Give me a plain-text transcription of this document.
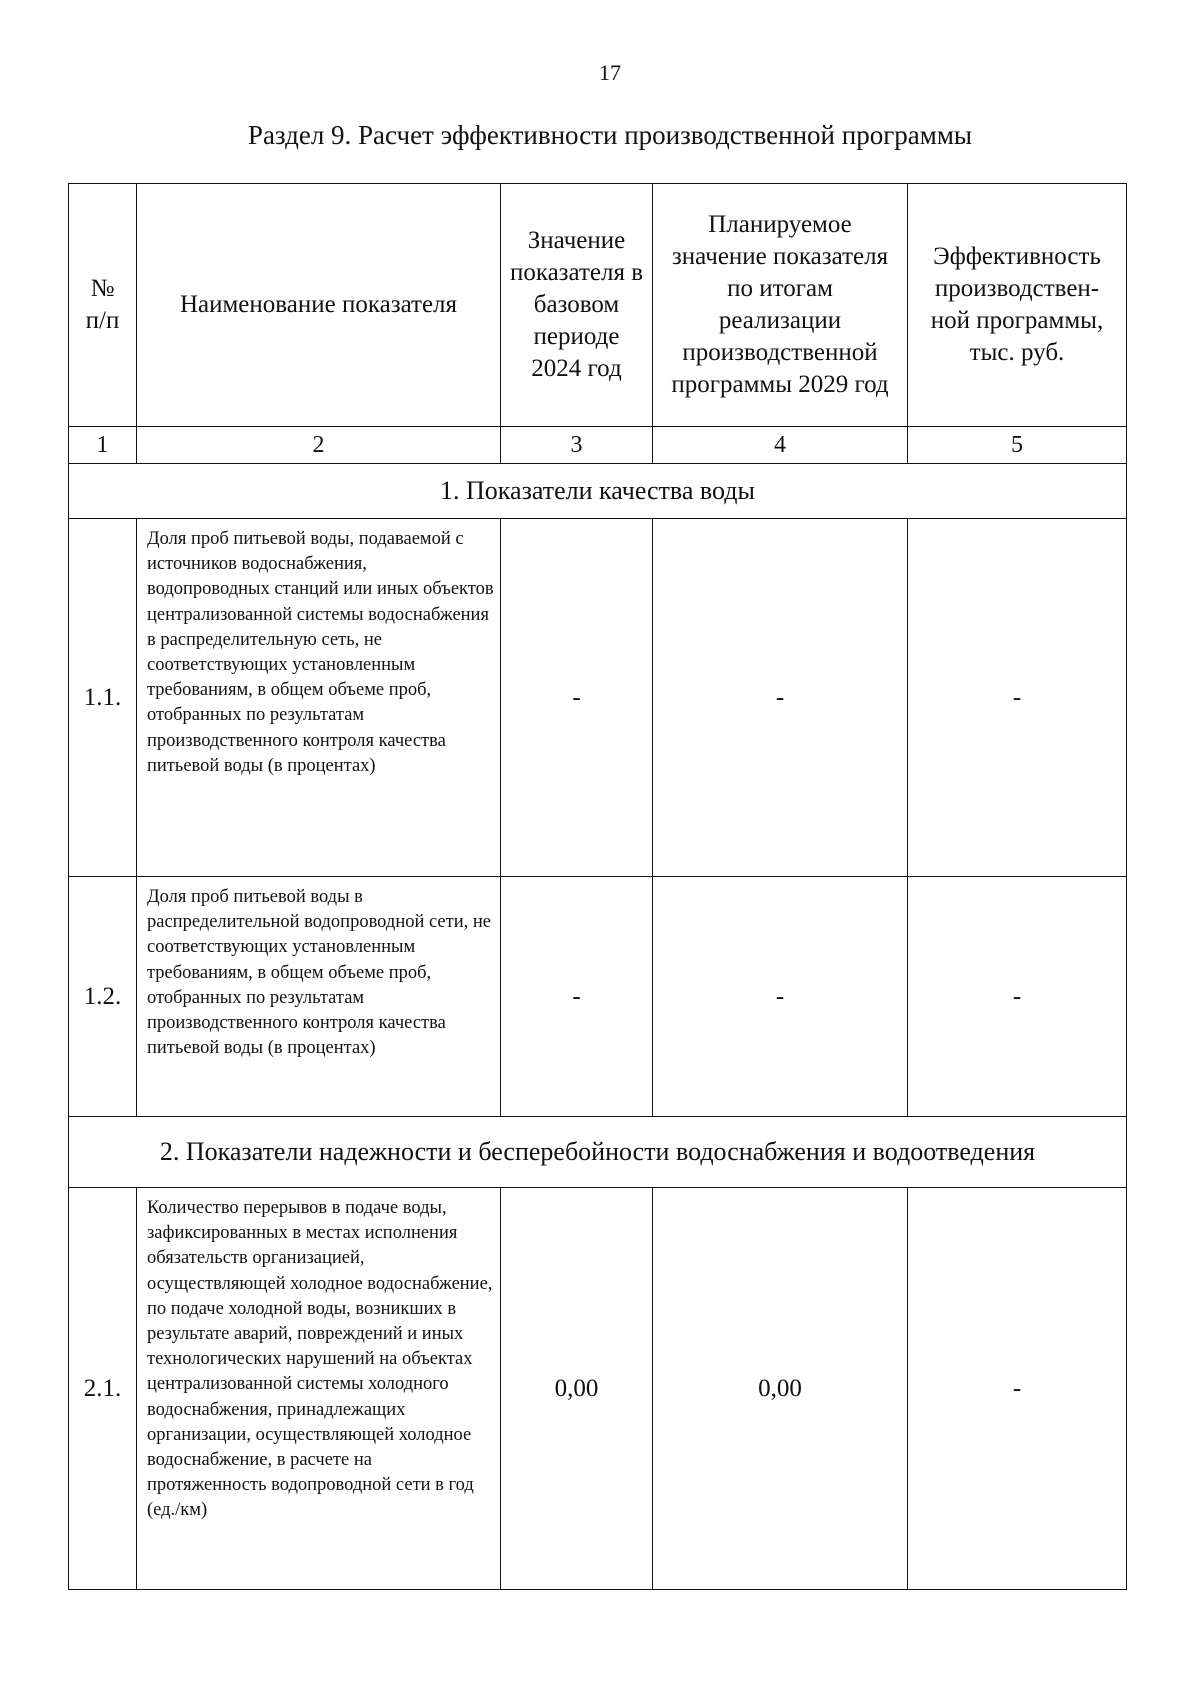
17
Раздел 9. Расчет эффективности производственной программы
№ п/п	Наименование показателя	Значение показателя в базовом периоде 2024 год	Планируемое значение показателя по итогам реализации производственной программы 2029 год	Эффективность производствен-ной программы, тыс. руб.
1	2	3	4	5
1. Показатели качества воды				
1.1.	Доля проб питьевой воды, подаваемой с источников водоснабжения, водопроводных станций или иных объектов централизованной системы водоснабжения в распределительную сеть, не соответствующих установленным требованиям, в общем объеме проб, отобранных по результатам производственного контроля качества питьевой воды (в процентах)	-	-	-
1.2.	Доля проб питьевой воды в распределительной водопроводной сети, не соответствующих установленным требованиям, в общем объеме проб, отобранных по результатам производственного контроля качества питьевой воды (в процентах)	-	-	-
2. Показатели надежности и бесперебойности водоснабжения и водоотведения				
2.1.	Количество перерывов в подаче воды, зафиксированных в местах исполнения обязательств организацией, осуществляющей холодное водоснабжение, по подаче холодной воды, возникших в результате аварий, повреждений и иных технологических нарушений на объектах централизованной системы холодного водоснабжения, принадлежащих организации, осуществляющей холодное водоснабжение, в расчете на протяженность водопроводной сети в год (ед./км)	0,00	0,00	-
